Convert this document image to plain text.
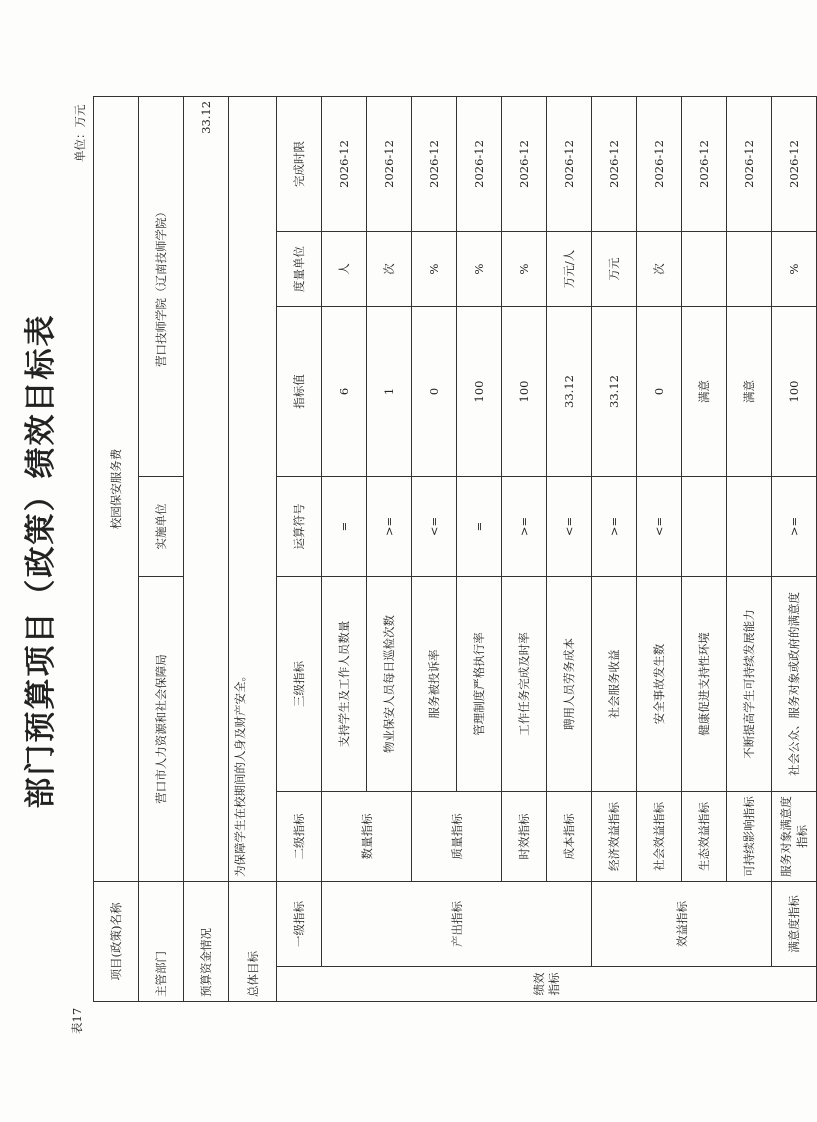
表17
部门预算项目（政策）绩效目标表
单位：万元
项目(政策)名称		校园保安服务费					
主管部门		营口市人力资源和社会保障局		实施单位	营口技师学院（辽南技师学院）		
预算资金情况		33.12					
总体目标		为保障学生在校期间的人身及财产安全。					
绩效指标	一级指标	二级指标	三级指标	运算符号	指标值	度量单位	完成时限
	产出指标	数量指标	支持学生及工作人员数量	=	6	人	2026-12
			物业保安人员每日巡检次数	>=	1	次	2026-12
		质量指标	服务被投诉率	<=	0	%	2026-12
			管理制度严格执行率	=	100	%	2026-12
		时效指标	工作任务完成及时率	>=	100	%	2026-12
		成本指标	聘用人员劳务成本	<=	33.12	万元/人	2026-12
	效益指标	经济效益指标	社会服务收益	>=	33.12	万元	2026-12
		社会效益指标	安全事故发生数	<=	0	次	2026-12
		生态效益指标	健康促进支持性环境		满意		2026-12
		可持续影响指标	不断提高学生可持续发展能力		满意		2026-12
	满意度指标	服务对象满意度指标	社会公众、服务对象或政府的满意度	>=	100	%	2026-12
